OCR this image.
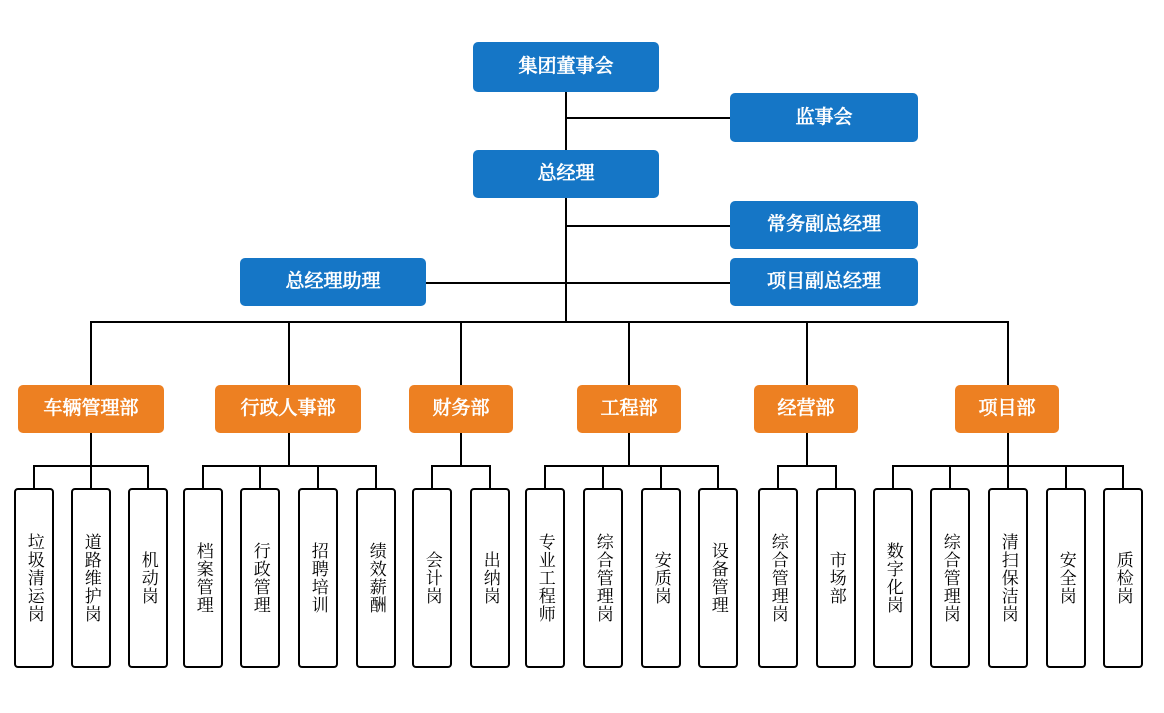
集团董事会
监事会
总经理
常务副总经理
总经理助理	项目副总经理
车辆管理部	行政人事部	财务部	工程部	经营部	项目部
垃圾清运岗 道路维护岗 机动岗 档案管理 行政管理 招聘培训 绩效薪酬 会计岗 出纳岗 专业工程师 综合管理岗 安质岗 设备管理 综合管理岗 市场部 数字化岗 综合管理岗 清扫保洁岗 安全岗 质检岗
